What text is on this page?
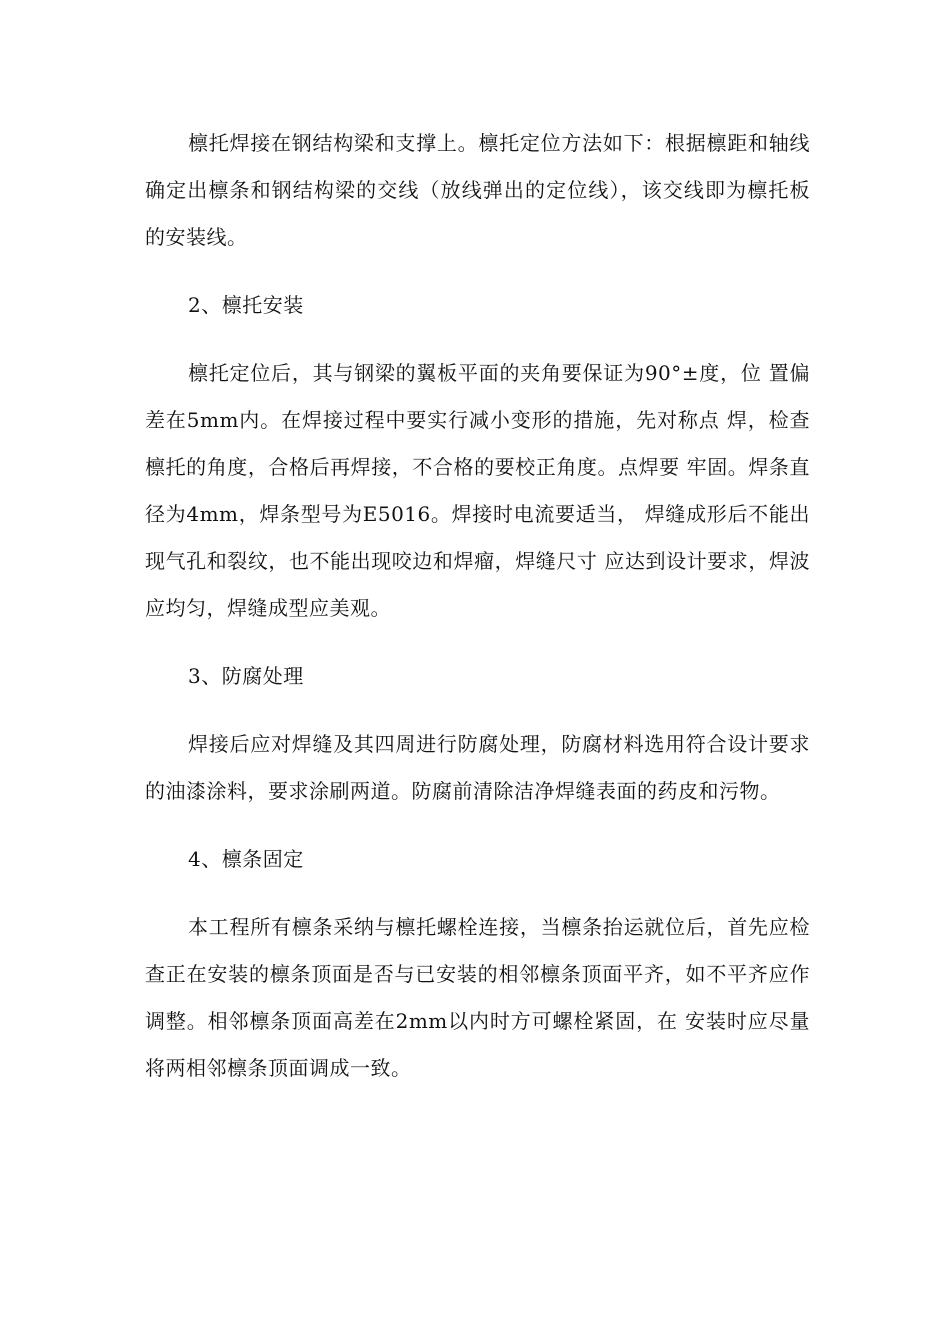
檩托焊接在钢结构梁和支撑上。檩托定位方法如下：根据檩距和轴线确定出檩条和钢结构梁的交线（放线弹出的定位线），该交线即为檩托板的安装线。

2、檩托安装

檩托定位后，其与钢梁的翼板平面的夹角要保证为90°±度，位 置偏差在5mm内。在焊接过程中要实行减小变形的措施，先对称点 焊，检查檩托的角度，合格后再焊接，不合格的要校正角度。点焊要 牢固。焊条直径为4mm，焊条型号为E5016。焊接时电流要适当， 焊缝成形后不能出现气孔和裂纹，也不能出现咬边和焊瘤，焊缝尺寸 应达到设计要求，焊波应均匀，焊缝成型应美观。

3、防腐处理

焊接后应对焊缝及其四周进行防腐处理，防腐材料选用符合设计要求的油漆涂料，要求涂刷两道。防腐前清除洁净焊缝表面的药皮和污物。

4、檩条固定

本工程所有檩条采纳与檩托螺栓连接，当檩条抬运就位后，首先应检查正在安装的檩条顶面是否与已安装的相邻檩条顶面平齐，如不平齐应作调整。相邻檩条顶面高差在2mm以内时方可螺栓紧固，在 安装时应尽量将两相邻檩条顶面调成一致。
